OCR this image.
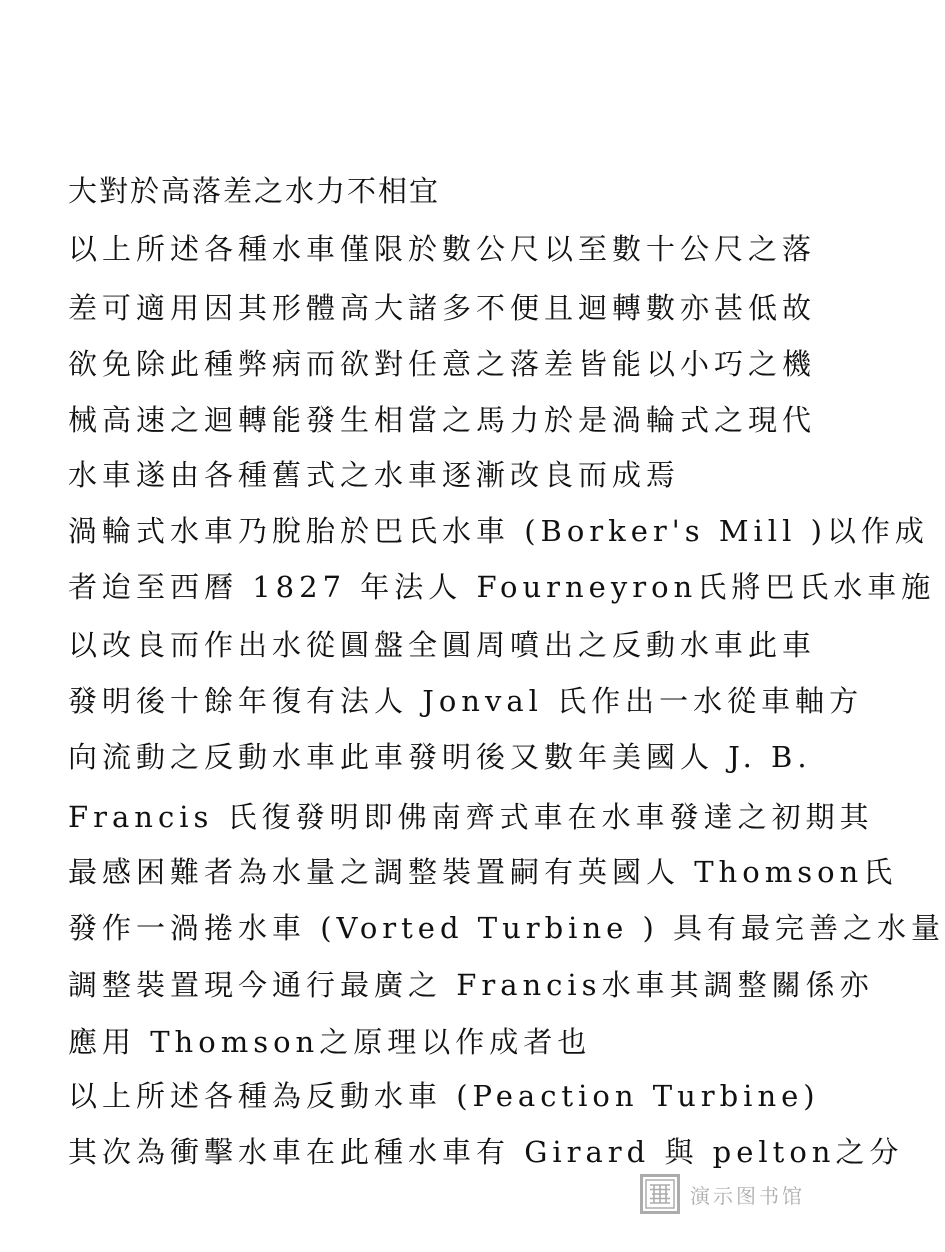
大對於高落差之水力不相宜
以上所述各種水車僅限於數公尺以至數十公尺之落
差可適用因其形體高大諸多不便且迴轉數亦甚低故
欲免除此種弊病而欲對任意之落差皆能以小巧之機
械高速之迴轉能發生相當之馬力於是渦輪式之現代
水車遂由各種舊式之水車逐漸改良而成焉
渦輪式水車乃脫胎於巴氏水車 (Borker's Mill )以作成
者迨至西曆 1827 年法人 Fourneyron氏將巴氏水車施
以改良而作出水從圓盤全圓周噴出之反動水車此車
發明後十餘年復有法人 Jonval 氏作出一水從車軸方
向流動之反動水車此車發明後又數年美國人 J. B.
Francis 氏復發明即佛南齊式車在水車發達之初期其
最感困難者為水量之調整裝置嗣有英國人 Thomson氏
發作一渦捲水車 (Vorted Turbine ) 具有最完善之水量
調整裝置現今通行最廣之 Francis水車其調整關係亦
應用 Thomson之原理以作成者也
以上所述各種為反動水車 (Peaction Turbine)
其次為衝擊水車在此種水車有 Girard 與 pelton之分
演示图书馆
